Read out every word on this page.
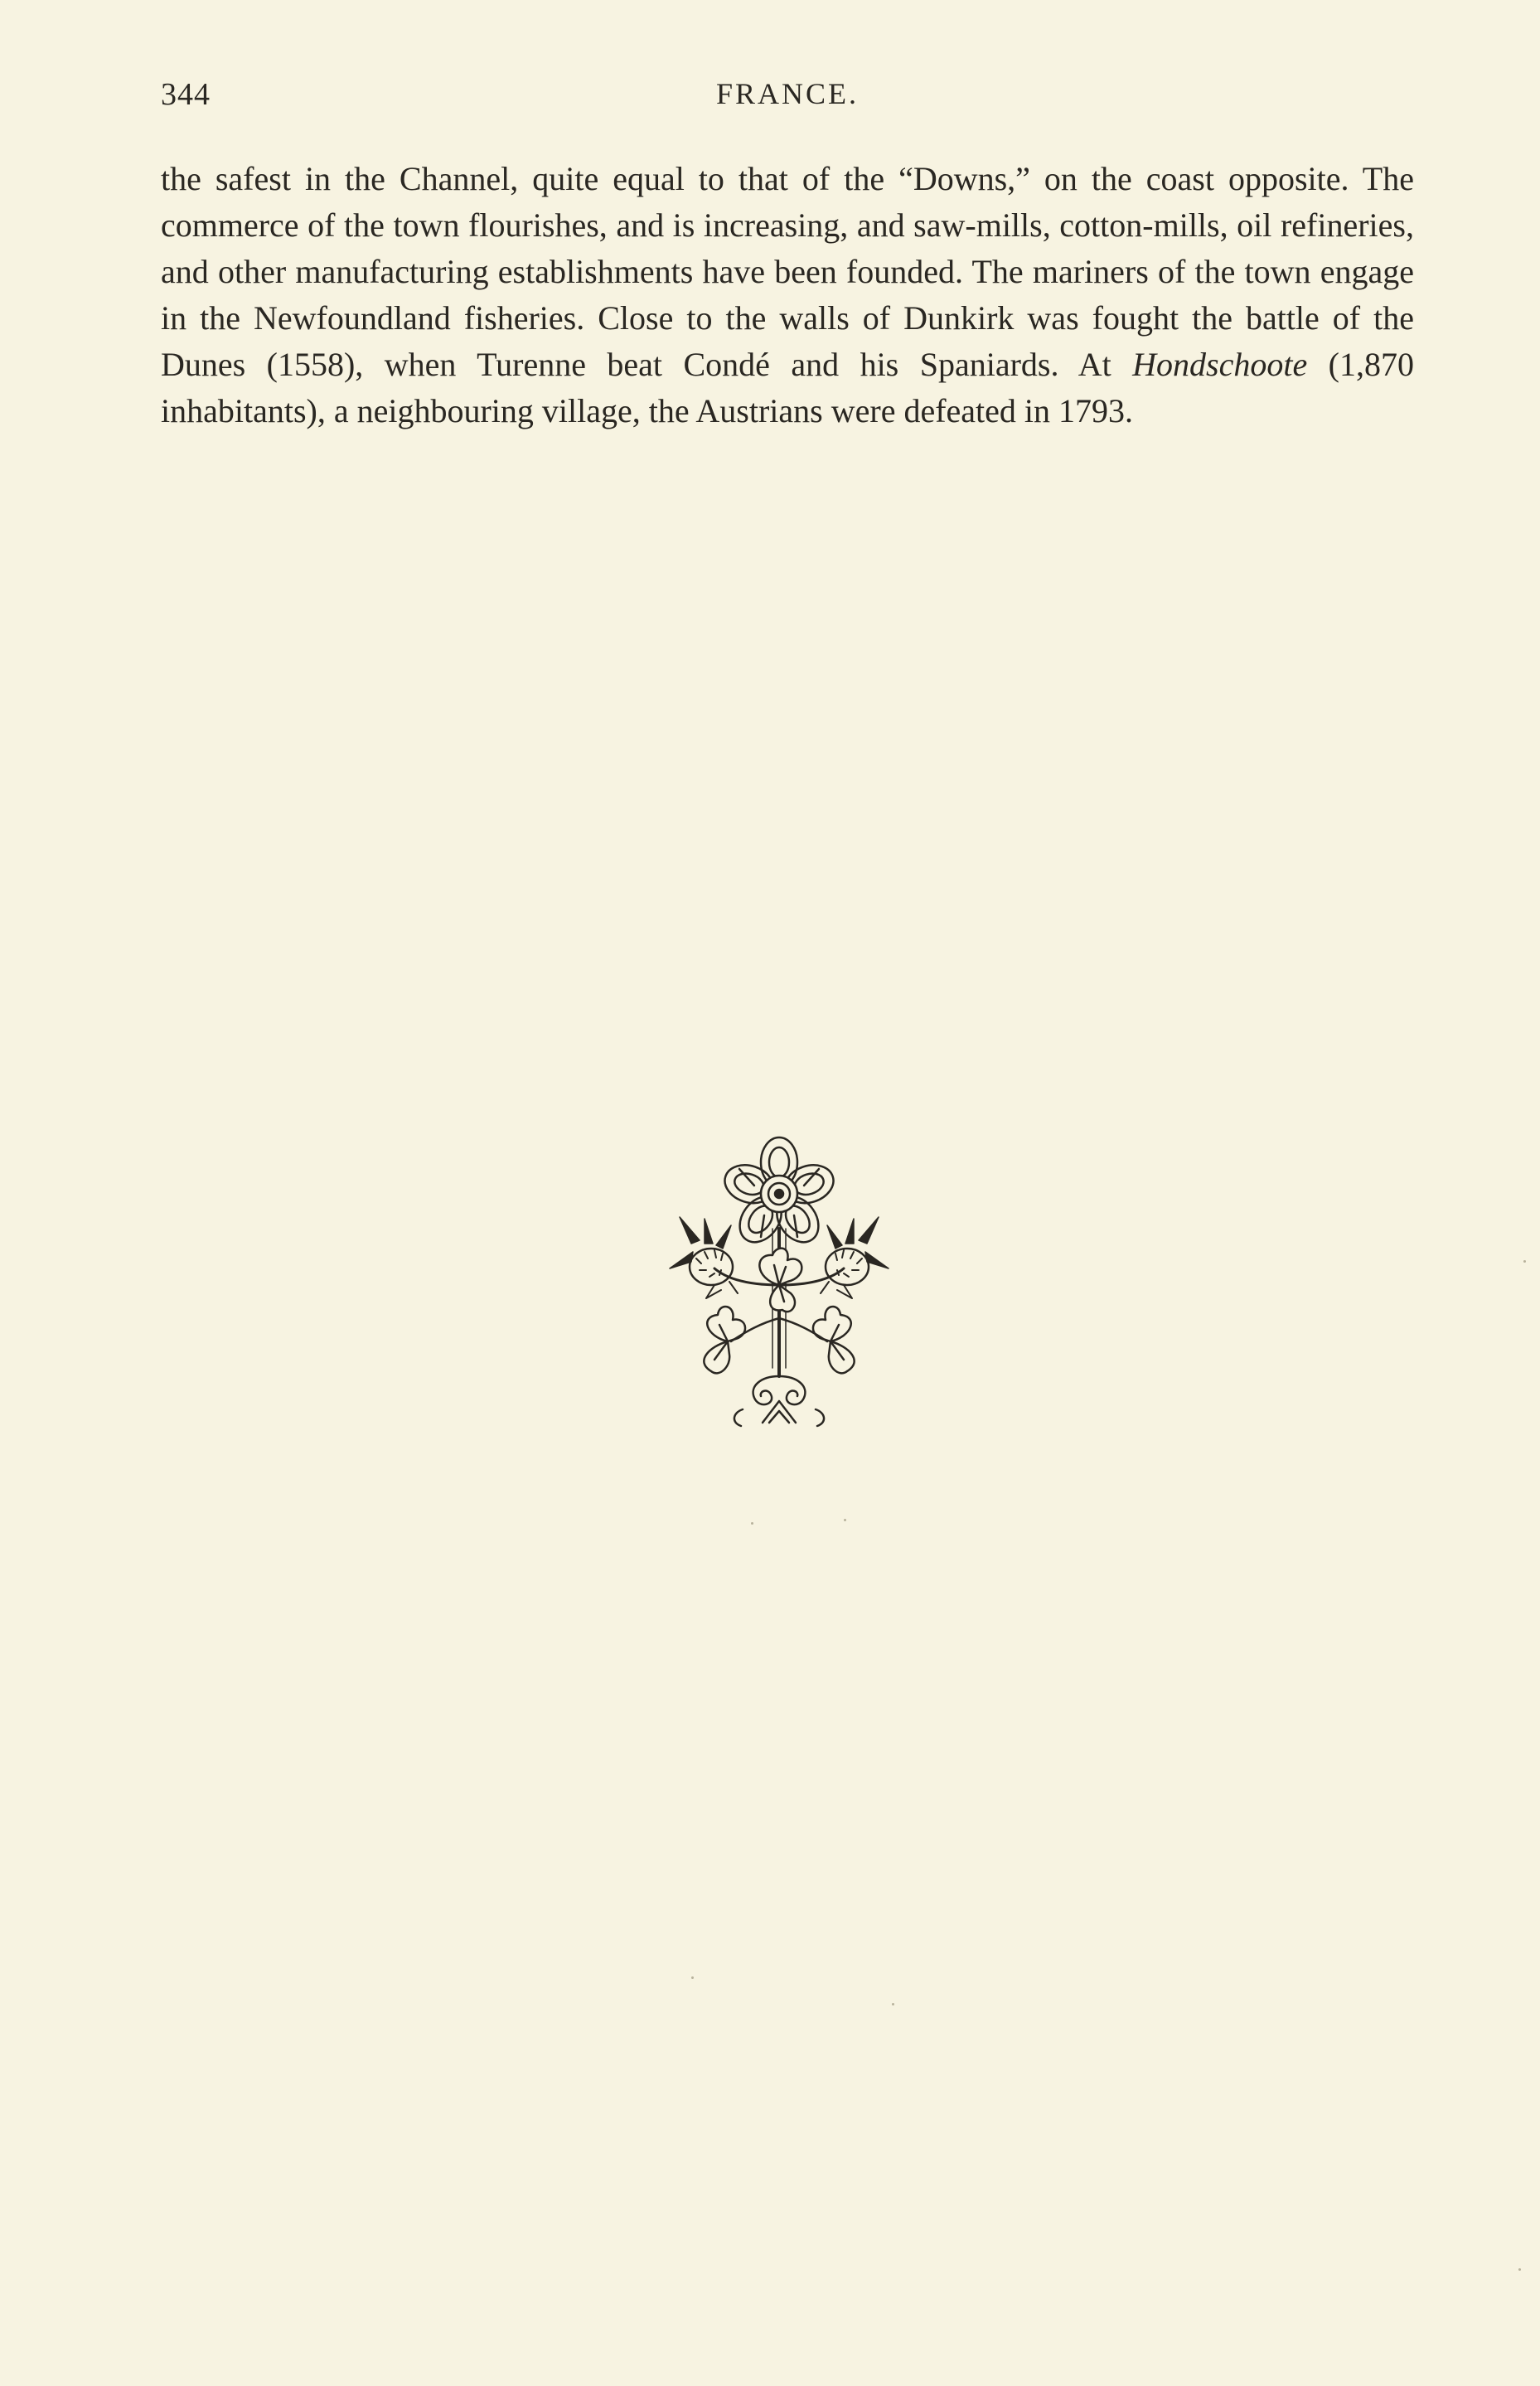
344	FRANCE.

the safest in the Channel, quite equal to that of the “Downs,” on the coast opposite. The commerce of the town flourishes, and is increasing, and saw-mills, cotton-mills, oil refineries, and other manufacturing establishments have been founded. The mariners of the town engage in the Newfoundland fisheries. Close to the walls of Dunkirk was fought the battle of the Dunes (1558), when Turenne beat Condé and his Spaniards. At Hondschoote (1,870 inhabitants), a neighbouring village, the Austrians were defeated in 1793.
